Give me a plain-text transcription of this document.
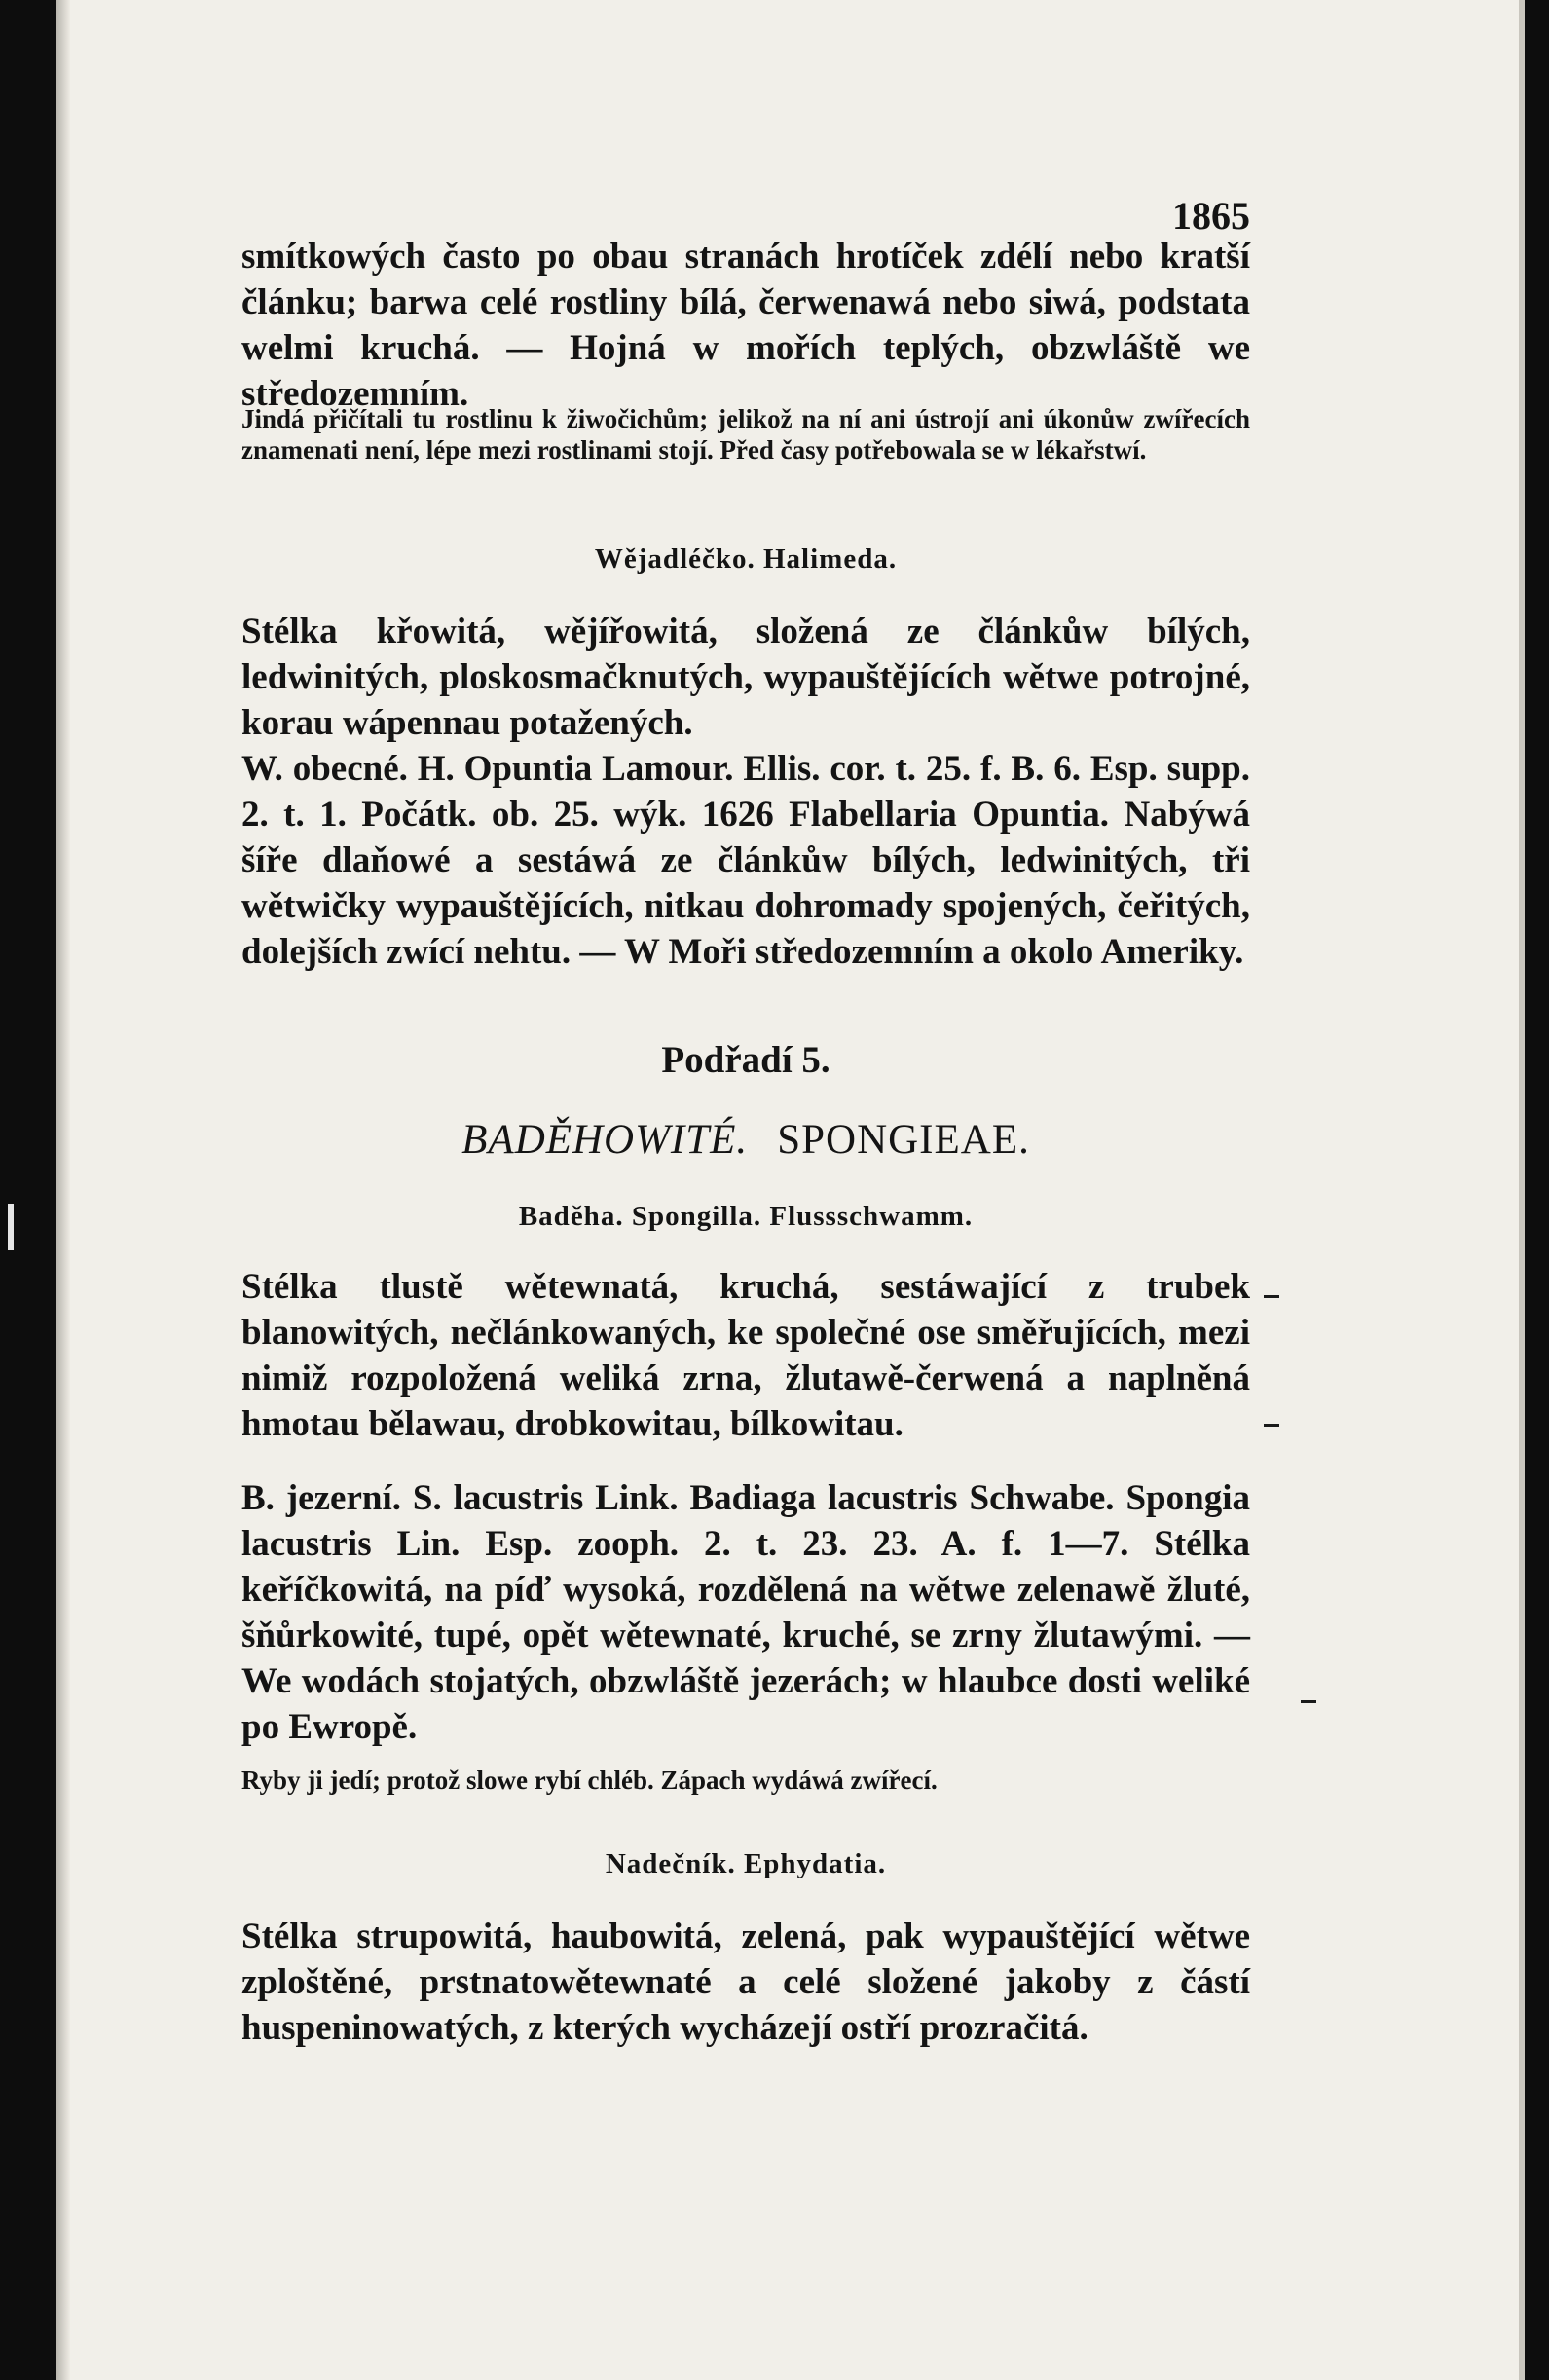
1865

smítkowých často po obau stranách hrotíček zdélí nebo kratší článku; barwa celé rostliny bílá, čerwenawá nebo siwá, podstata welmi kruchá. — Hojná w mořích teplých, obzwláště we středozemním.

Jindá přičítali tu rostlinu k žiwočichům; jelikož na ní ani ústrojí ani úkonůw zwířecích znamenati není, lépe mezi rostlinami stojí. Před časy potřebowala se w lékařstwí.

Wějadléčko. Halimeda.

Stélka křowitá, wějířowitá, složená ze článkůw bílých, ledwinitých, ploskosmačknutých, wypauštějících wětwe potrojné, korau wápennau potažených.

W. obecné. H. Opuntia Lamour. Ellis. cor. t. 25. f. B. 6. Esp. supp. 2. t. 1. Počátk. ob. 25. wýk. 1626 Flabellaria Opuntia. Nabýwá šíře dlaňowé a sestáwá ze článkůw bílých, ledwinitých, tři wětwičky wypauštějících, nitkau dohromady spojených, čeřitých, dolejších zwící nehtu. — W Moři středozemním a okolo Ameriky.

Podřadí 5.
BADĚHOWITÉ. SPONGIEAE.
Baděha. Spongilla. Flussschwamm.

Stélka tlustě wětewnatá, kruchá, sestáwající z trubek blanowitých, nečlánkowaných, ke společné ose směřujících, mezi nimiž rozpoložená weliká zrna, žlutawě-čerwená a naplněná hmotau bělawau, drobkowitau, bílkowitau.

B. jezerní. S. lacustris Link. Badiaga lacustris Schwabe. Spongia lacustris Lin. Esp. zooph. 2. t. 23. 23. A. f. 1—7. Stélka keříčkowitá, na píď wysoká, rozdělená na wětwe zelenawě žluté, šňůrkowité, tupé, opět wětewnaté, kruché, se zrny žlutawými. — We wodách stojatých, obzwláště jezerách; w hlaubce dosti weliké po Ewropě.

Ryby ji jedí; protož slowe rybí chléb. Zápach wydáwá zwířecí.

Nadečník. Ephydatia.

Stélka strupowitá, haubowitá, zelená, pak wypauštějící wětwe zploštěné, prstnatowětewnaté a celé složené jakoby z částí huspeninowatých, z kterých wycházejí ostří prozračitá.
